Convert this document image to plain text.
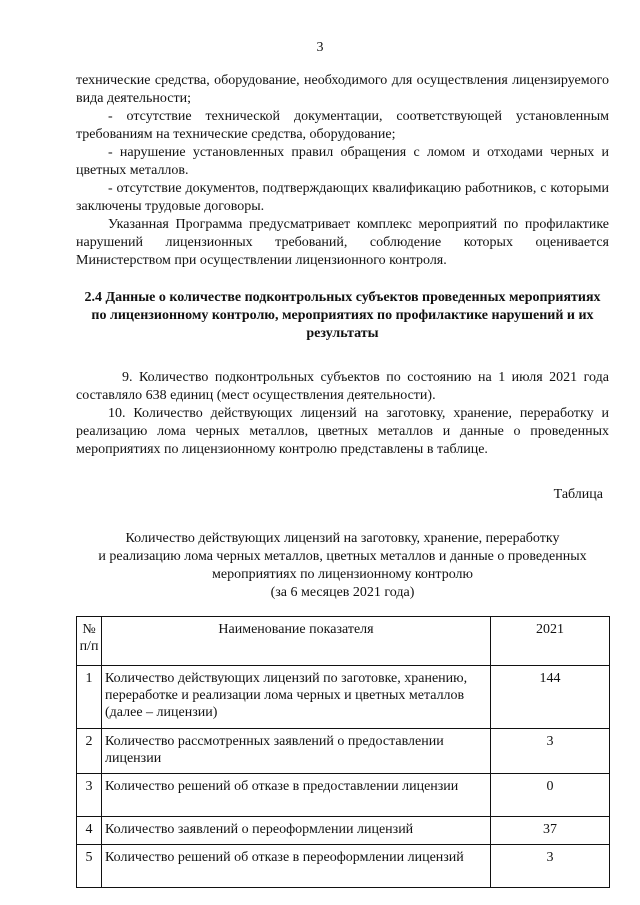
3

технические средства, оборудование, необходимого для осуществления лицензируемого вида деятельности;

- отсутствие технической документации, соответствующей установленным требованиям на технические средства, оборудование;

- нарушение установленных правил обращения с ломом и отходами черных и цветных металлов.

- отсутствие документов, подтверждающих квалификацию работников, с которыми заключены трудовые договоры.

Указанная Программа предусматривает комплекс мероприятий по профилактике нарушений лицензионных требований, соблюдение которых оценивается Министерством при осуществлении лицензионного контроля.

2.4 Данные о количестве подконтрольных субъектов проведенных мероприятиях по лицензионному контролю, мероприятиях по профилактике нарушений и их результаты

9. Количество подконтрольных субъектов по состоянию на 1 июля 2021 года составляло 638 единиц (мест осуществления деятельности).

10. Количество действующих лицензий на заготовку, хранение, переработку и реализацию лома черных металлов, цветных металлов и данные о проведенных мероприятиях по лицензионному контролю представлены в таблице.

Таблица

Количество действующих лицензий на заготовку, хранение, переработку
и реализацию лома черных металлов, цветных металлов и данные о проведенных
мероприятиях по лицензионному контролю
(за 6 месяцев 2021 года)
№
п/п	Наименование показателя	2021
1	Количество действующих лицензий по заготовке, хранению, переработке и реализации лома черных и цветных металлов (далее – лицензии)	144
2	Количество рассмотренных заявлений о предоставлении лицензии	3
3	Количество решений об отказе в предоставлении лицензии	0
4	Количество заявлений о переоформлении лицензий	37
5	Количество решений об отказе в переоформлении лицензий	3
